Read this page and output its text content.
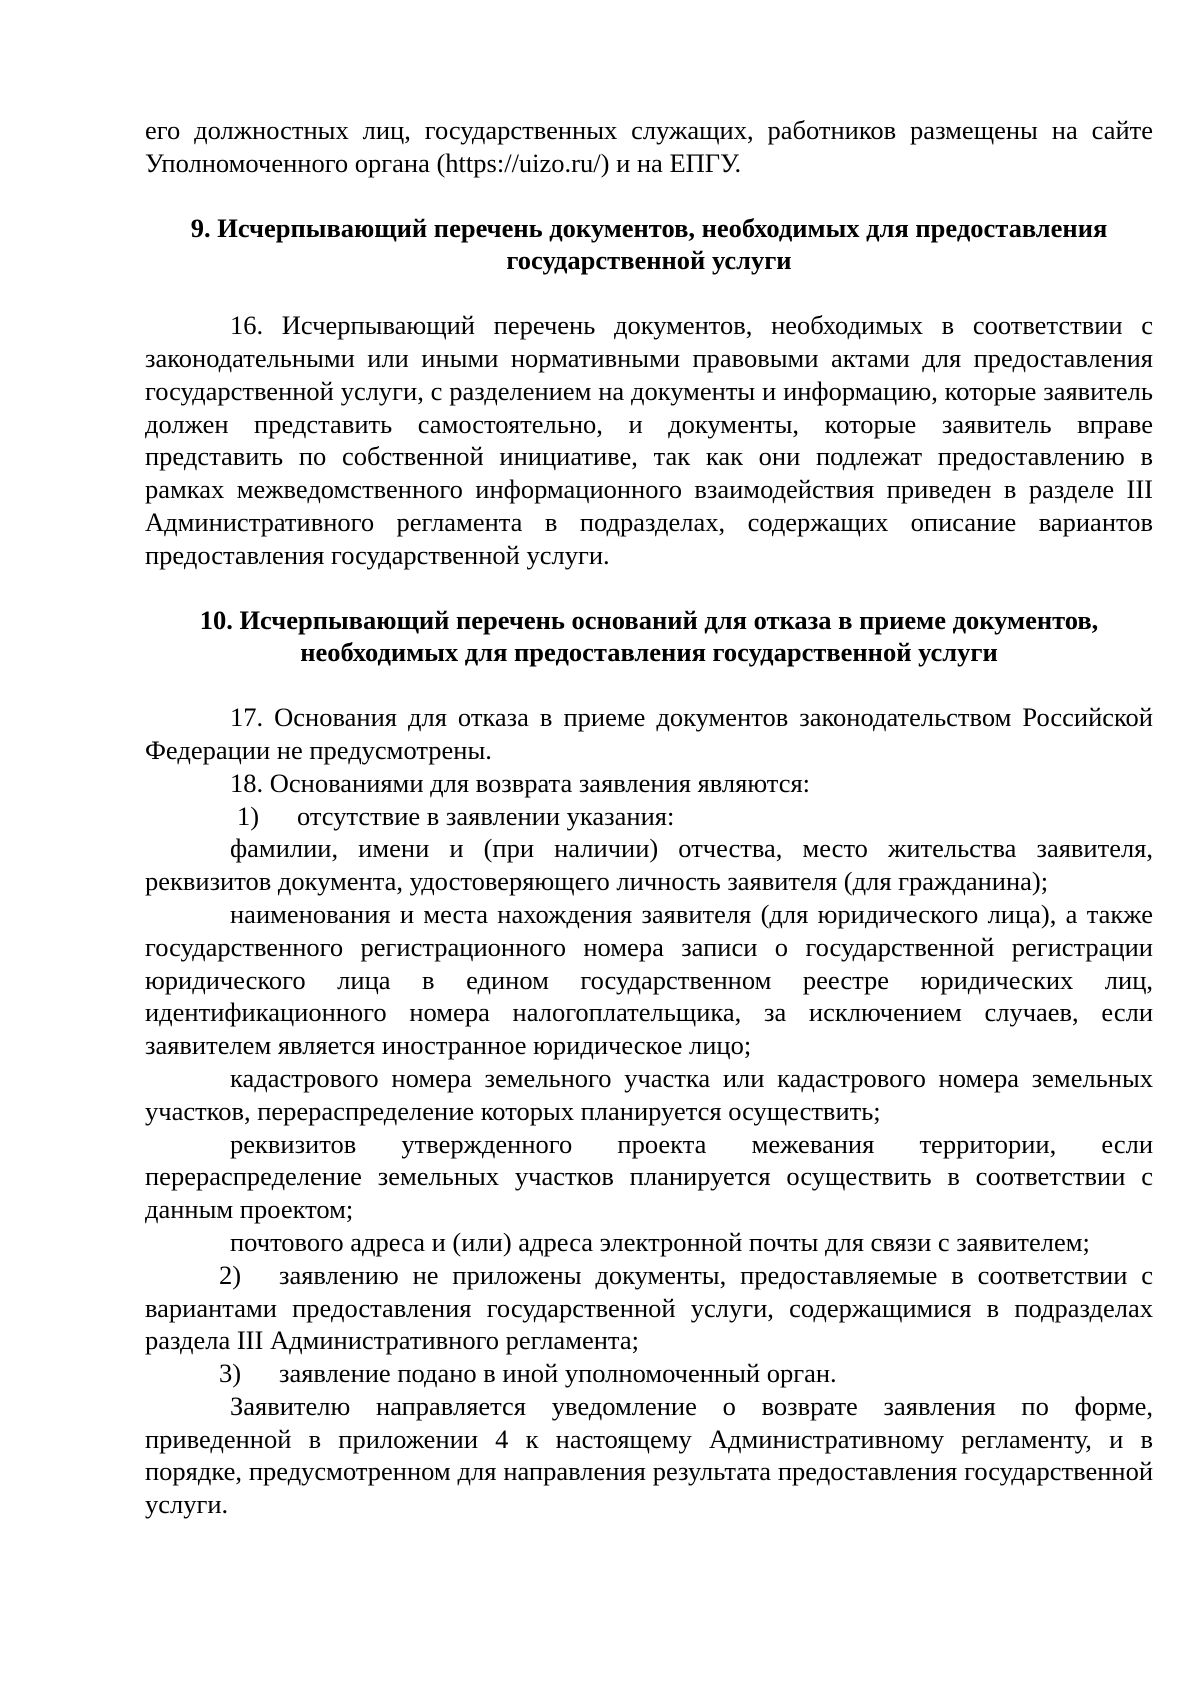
его должностных лиц, государственных служащих, работников размещены на сайте Уполномоченного органа (https://uizo.ru/) и на ЕПГУ.

9. Исчерпывающий перечень документов, необходимых для предоставления государственной услуги

16. Исчерпывающий перечень документов, необходимых в соответствии с законодательными или иными нормативными правовыми актами для предоставления государственной услуги, с разделением на документы и информацию, которые заявитель должен представить самостоятельно, и документы, которые заявитель вправе представить по собственной инициативе, так как они подлежат предоставлению в рамках межведомственного информационного взаимодействия приведен в разделе III Административного регламента в подразделах, содержащих описание вариантов предоставления государственной услуги.

10. Исчерпывающий перечень оснований для отказа в приеме документов, необходимых для предоставления государственной услуги

17. Основания для отказа в приеме документов законодательством Российской Федерации не предусмотрены.

18. Основаниями для возврата заявления являются:

1) отсутствие в заявлении указания:

фамилии, имени и (при наличии) отчества, место жительства заявителя, реквизитов документа, удостоверяющего личность заявителя (для гражданина);

наименования и места нахождения заявителя (для юридического лица), а также государственного регистрационного номера записи о государственной регистрации юридического лица в едином государственном реестре юридических лиц, идентификационного номера налогоплательщика, за исключением случаев, если заявителем является иностранное юридическое лицо;

кадастрового номера земельного участка или кадастрового номера земельных участков, перераспределение которых планируется осуществить;

реквизитов утвержденного проекта межевания территории, если перераспределение земельных участков планируется осуществить в соответствии с данным проектом;

почтового адреса и (или) адреса электронной почты для связи с заявителем;

2) заявлению не приложены документы, предоставляемые в соответствии с вариантами предоставления государственной услуги, содержащимися в подразделах раздела III Административного регламента;

3) заявление подано в иной уполномоченный орган.

Заявителю направляется уведомление о возврате заявления по форме, приведенной в приложении 4 к настоящему Административному регламенту, и в порядке, предусмотренном для направления результата предоставления государственной услуги.
